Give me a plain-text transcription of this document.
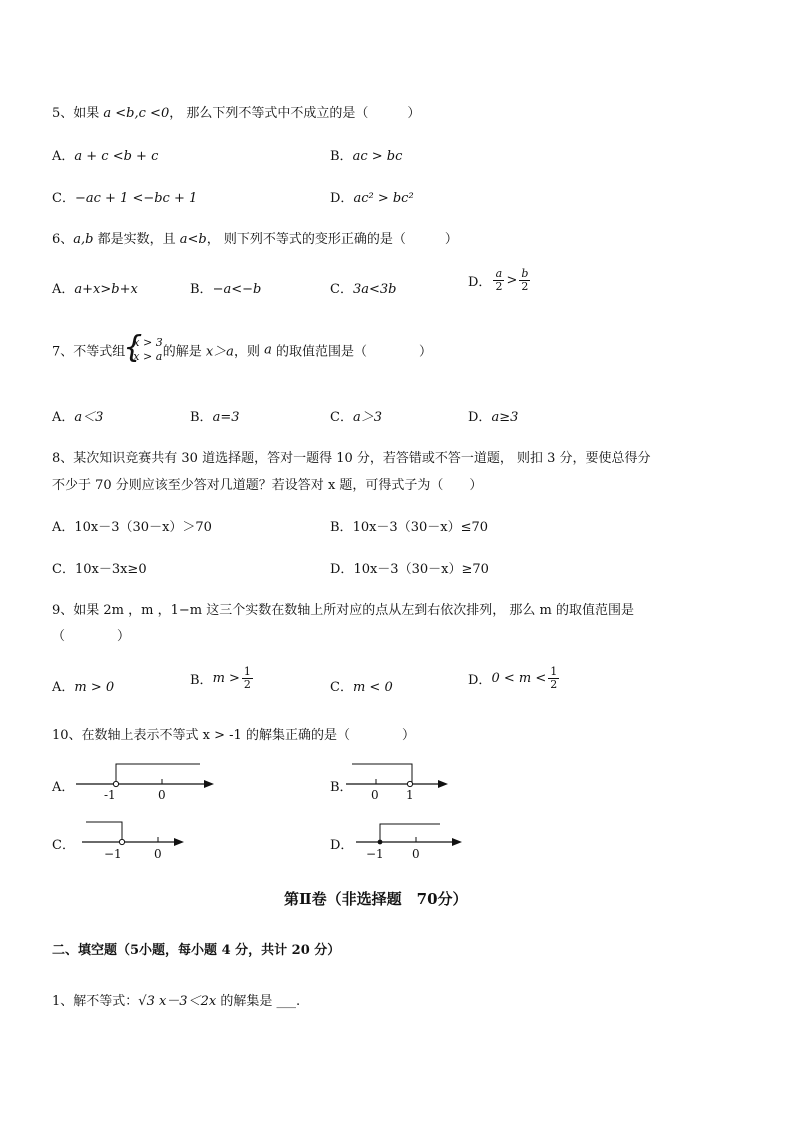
5、如果 a <b,c <0， 那么下列不等式中不成立的是（　　　）
A．a + c <b + c	B．ac > bc
C．−ac + 1 <−bc + 1	D．ac² > bc²
6、a,b 都是实数，且 a<b， 则下列不等式的变形正确的是（　　　）
A．a+x>b+x	B．−a<−b	C．3a<3b	D． $\frac{a}{2} > \frac{b}{2}$
7、不等式组
{ x > 3
x > a 的解是 x＞a，则 a 的取值范围是（　　　　）
A．a＜3	B．a=3	C．a＞3	D．a≥3
8、某次知识竞赛共有 30 道选择题，答对一题得 10 分，若答错或不答一道题， 则扣 3 分，要使总得分
不少于 70 分则应该至少答对几道题？若设答对 x 题，可得式子为（　　）
A．10x－3（30－x）＞70	B．10x－3（30－x）≤70
C．10x－3x≥0	D．10x－3（30－x）≥70
9、如果 2m ，m ，1−m 这三个实数在数轴上所对应的点从左到右依次排列， 那么 m 的取值范围是
（　　　　）
A．m > 0	B．$m > \frac{1}{2}$	C．m < 0	D．$0 < m < \frac{1}{2}$
10、在数轴上表示不等式 x > -1 的解集正确的是（　　　　）
A． -1	0	B． 0 1
C．
−1	0
D．
−1 0
第Ⅱ卷（非选择题　70分）
二、填空题（5小题，每小题 4 分，共计 20 分）
1、解不等式：√3 x－3＜2x 的解集是 ___.
